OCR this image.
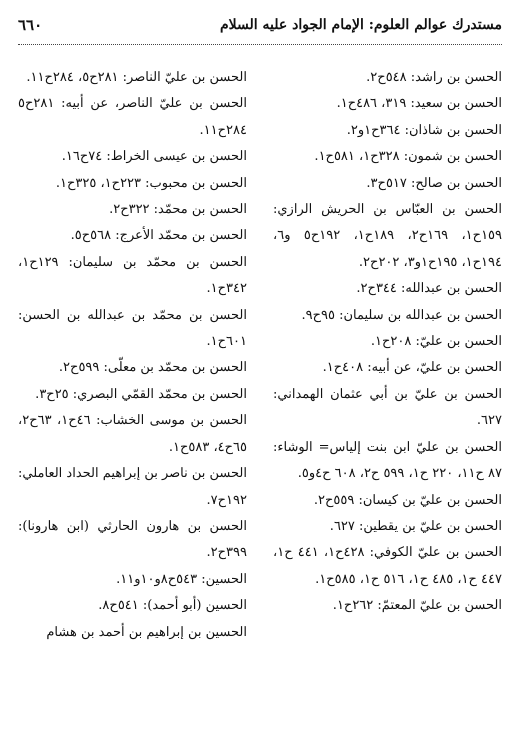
مستدرك عوالم العلوم: الإمام الجواد عليه السلام
٦٦٠

الحسن بن راشد: ٥٤٨ح٢.

الحسن بن سعيد: ٣١٩، ٤٨٦ح١.

الحسن بن شاذان: ٣٦٤ح١و٢.

الحسن بن شمون: ٣٢٨ح١، ٥٨١ح١.

الحسن بن صالح: ٥١٧ح٣.

الحسن بن العبّاس بن الحريش الرازي: ١٥٩ح١، ١٦٩ح٢، ١٨٩ح١، ١٩٢ح٥ و٦، ١٩٤ح١، ١٩٥ح١و٣، ٢٠٢ح٢.

الحسن بن عبدالله: ٣٤٤ح٢.

الحسن بن عبدالله بن سليمان: ٩٥ح٩.

الحسن بن عليّ: ٢٠٨ح١.

الحسن بن عليّ، عن أبيه: ٤٠٨ح١.

الحسن بن عليّ بن أبي عثمان الهمداني: ٦٢٧.

الحسن بن عليّ ابن بنت إلياس= الوشاء: ٨٧ ح١١، ٢٢٠ ح١، ٥٩٩ ح٢، ٦٠٨ ح٤و٥.

الحسن بن عليّ بن كيسان: ٥٥٩ح٢.

الحسن بن عليّ بن يقطين: ٦٢٧.

الحسن بن عليّ الكوفي: ٤٢٨ح١، ٤٤١ ح١، ٤٤٧ ح١، ٤٨٥ ح١، ٥١٦ ح١، ٥٨٥ح١.

الحسن بن عليّ المعتمّ: ٢٦٢ح١.

الحسن بن عليّ الناصر: ٢٨١ح٥، ٢٨٤ح١١.

الحسن بن عليّ الناصر، عن أبيه: ٢٨١ح٥ ٢٨٤ح١١.

الحسن بن عيسى الخراط: ٧٤ح١٦.

الحسن بن محبوب: ٢٢٣ح١، ٣٢٥ح١.

الحسن بن محمّد: ٣٢٢ح٢.

الحسن بن محمّد الأعرج: ٥٦٨ح٥.

الحسن بن محمّد بن سليمان: ١٢٩ح١، ٣٤٢ح١.

الحسن بن محمّد بن عبدالله بن الحسن: ٦٠١ح١.

الحسن بن محمّد بن معلّى: ٥٩٩ح٢.

الحسن بن محمّد القمّي البصري: ٢٥ح٣.

الحسن بن موسى الخشاب: ٤٦ح١، ٦٣ح٢، ٦٥ح٤، ٥٨٣ح١.

الحسن بن ناصر بن إبراهيم الحداد العاملي: ١٩٢ح٧.

الحسن بن هارون الحارثي (ابن هارونا): ٣٩٩ح٢.

الحسين: ٥٤٣ح٨و١٠و١١.

الحسين (أبو أحمد): ٥٤١ح٨.

الحسين بن إبراهيم بن أحمد بن هشام
